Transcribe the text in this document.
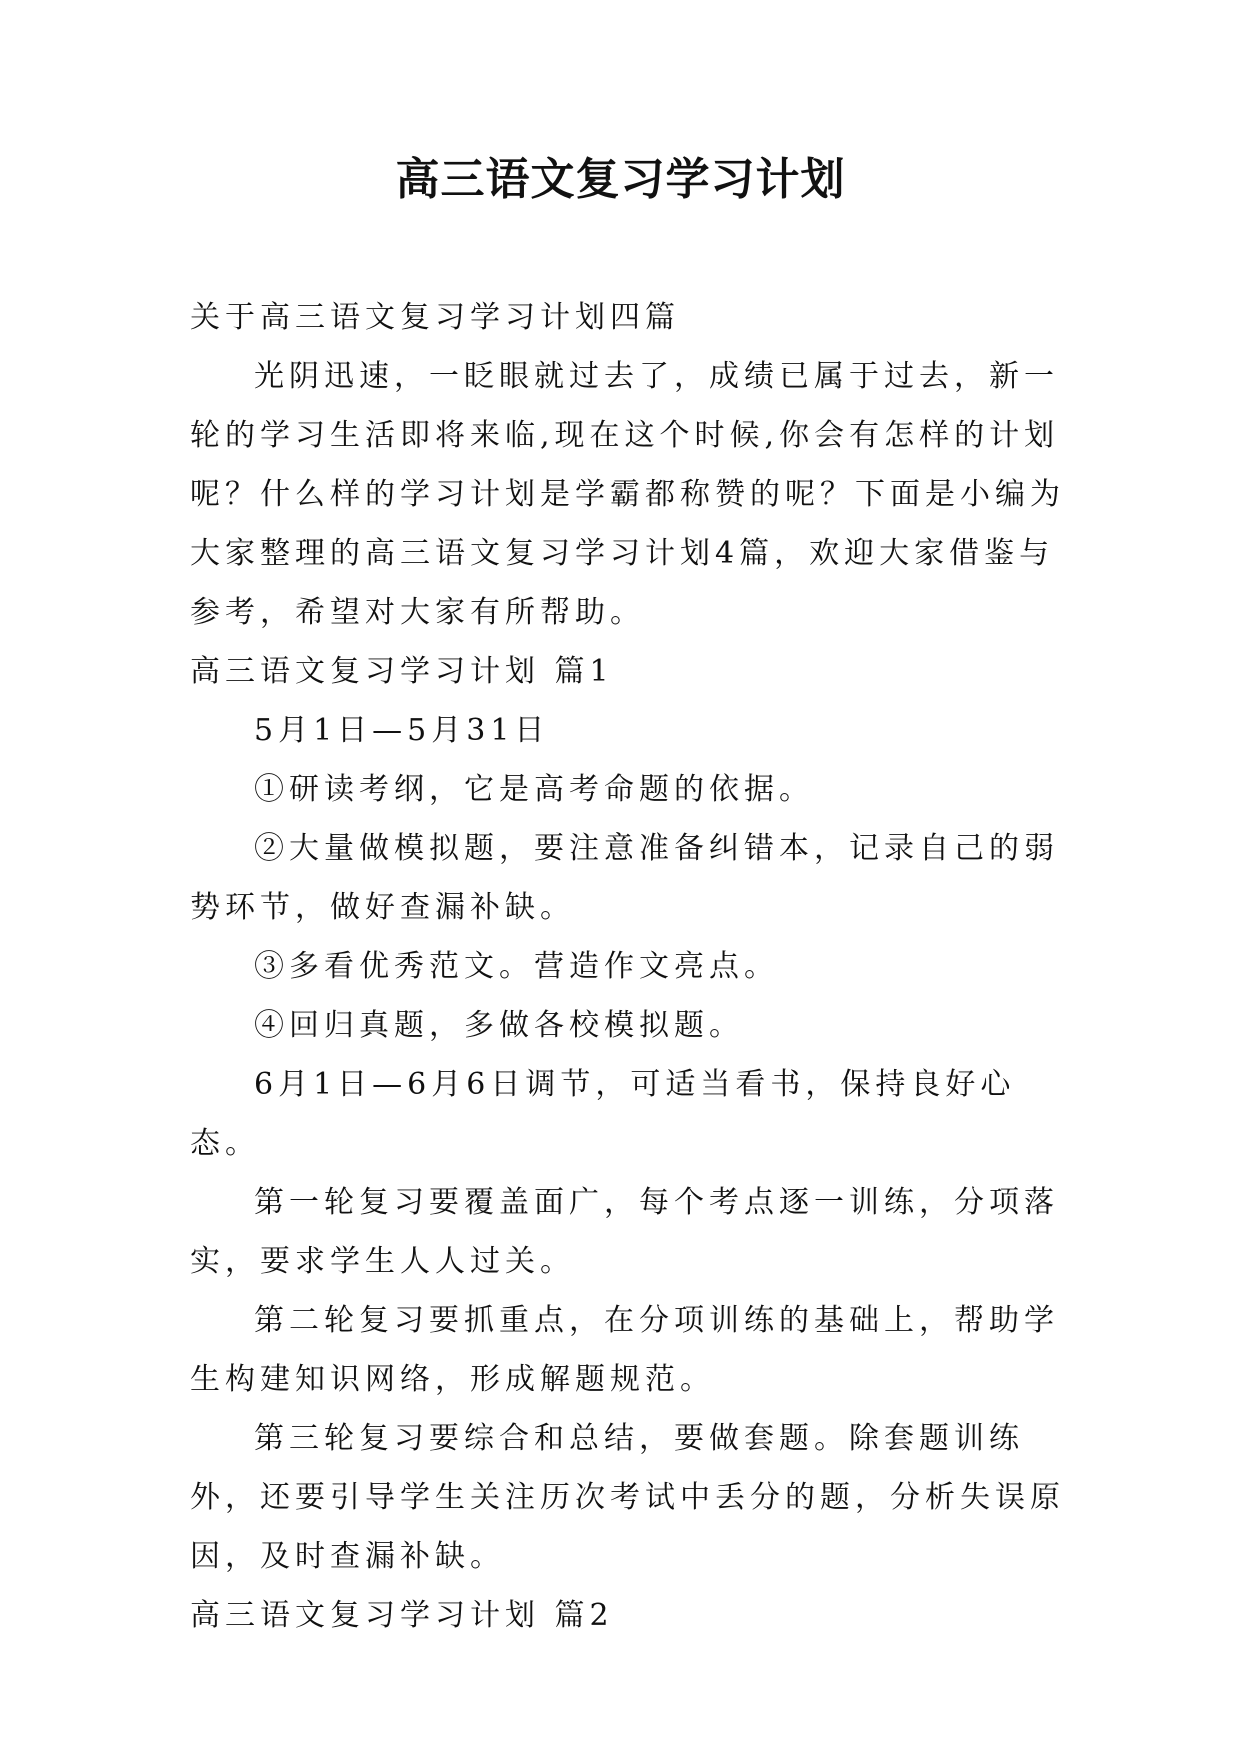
高三语文复习学习计划

关于高三语文复习学习计划四篇

光阴迅速，一眨眼就过去了，成绩已属于过去，新一轮的学习生活即将来临,现在这个时候,你会有怎样的计划呢？什么样的学习计划是学霸都称赞的呢？下面是小编为大家整理的高三语文复习学习计划4篇，欢迎大家借鉴与参考，希望对大家有所帮助。

高三语文复习学习计划 篇1

5月1日—5月31日

①研读考纲，它是高考命题的依据。

②大量做模拟题，要注意准备纠错本，记录自己的弱势环节，做好查漏补缺。

③多看优秀范文。营造作文亮点。

④回归真题，多做各校模拟题。

6月1日—6月6日调节，可适当看书，保持良好心态。

第一轮复习要覆盖面广，每个考点逐一训练，分项落实，要求学生人人过关。

第二轮复习要抓重点，在分项训练的基础上，帮助学生构建知识网络，形成解题规范。

第三轮复习要综合和总结，要做套题。除套题训练外，还要引导学生关注历次考试中丢分的题，分析失误原因，及时查漏补缺。

高三语文复习学习计划 篇2
